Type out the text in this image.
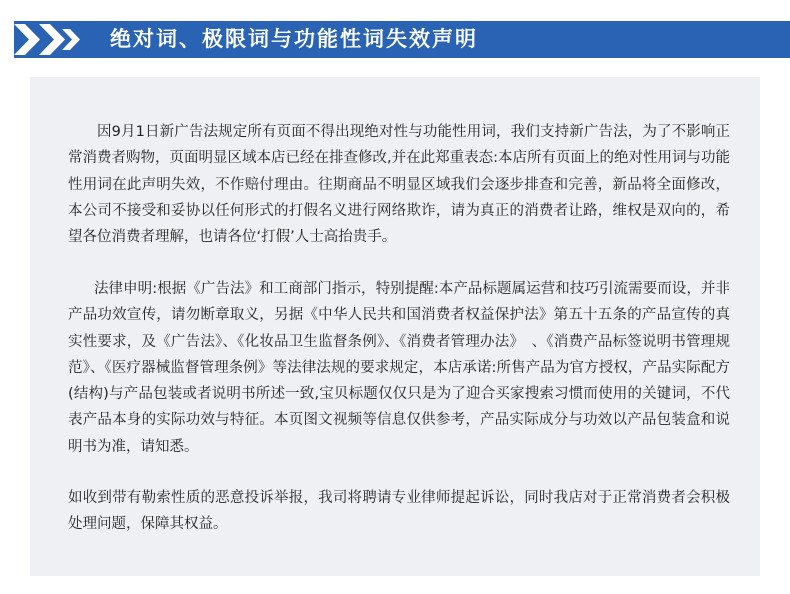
绝对词、极限词与功能性词失效声明

因9月1日新广告法规定所有页面不得出现绝对性与功能性用词，我们支持新广告法，为了不影响正常消费者购物，页面明显区域本店已经在排查修改,并在此郑重表态:本店所有页面上的绝对性用词与功能性用词在此声明失效，不作赔付理由。往期商品不明显区域我们会逐步排查和完善，新品将全面修改，本公司不接受和妥协以任何形式的打假名义进行网络欺诈，请为真正的消费者让路，维权是双向的，希望各位消费者理解，也请各位‘打假’人士高抬贵手。

法律申明:根据《广告法》和工商部门指示，特别提醒:本产品标题属运营和技巧引流需要而设，并非产品功效宣传，请勿断章取义，另据《中华人民共和国消费者权益保护法》第五十五条的产品宣传的真实性要求，及《广告法》、《化妆品卫生监督条例》、《消费者管理办法》　、《消费产品标签说明书管理规范》、《医疗器械监督管理条例》等法律法规的要求规定，本店承诺:所售产品为官方授权，产品实际配方(结构)与产品包装或者说明书所述一致,宝贝标题仅仅只是为了迎合买家搜索习惯而使用的关键词，不代表产品本身的实际功效与特征。本页图文视频等信息仅供参考，产品实际成分与功效以产品包装盒和说明书为准，请知悉。

如收到带有勒索性质的恶意投诉举报，我司将聘请专业律师提起诉讼，同时我店对于正常消费者会积极处理问题，保障其权益。
